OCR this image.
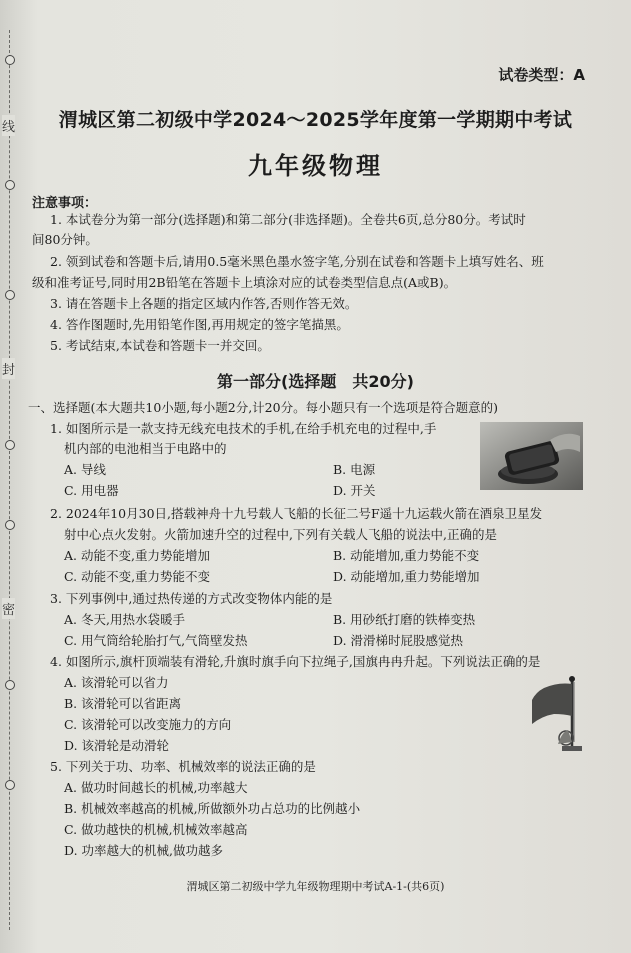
线
封
密
试卷类型：A
渭城区第二初级中学2024～2025学年度第一学期期中考试
九年级物理
注意事项：
1. 本试卷分为第一部分(选择题)和第二部分(非选择题)。全卷共6页,总分80分。考试时
间80分钟。
2. 领到试卷和答题卡后,请用0.5毫米黑色墨水签字笔,分别在试卷和答题卡上填写姓名、班
级和准考证号,同时用2B铅笔在答题卡上填涂对应的试卷类型信息点(A或B)。
3. 请在答题卡上各题的指定区域内作答,否则作答无效。
4. 答作图题时,先用铅笔作图,再用规定的签字笔描黑。
5. 考试结束,本试卷和答题卡一并交回。
第一部分(选择题　共20分)
一、选择题(本大题共10小题,每小题2分,计20分。每小题只有一个选项是符合题意的)
1. 如图所示是一款支持无线充电技术的手机,在给手机充电的过程中,手
机内部的电池相当于电路中的
A. 导线	B. 电源
C. 用电器	D. 开关
2. 2024年10月30日,搭载神舟十九号载人飞船的长征二号F遥十九运载火箭在酒泉卫星发
射中心点火发射。火箭加速升空的过程中,下列有关载人飞船的说法中,正确的是
A. 动能不变,重力势能增加	B. 动能增加,重力势能不变
C. 动能不变,重力势能不变	D. 动能增加,重力势能增加
3. 下列事例中,通过热传递的方式改变物体内能的是
A. 冬天,用热水袋暖手	B. 用砂纸打磨的铁棒变热
C. 用气筒给轮胎打气,气筒壁发热	D. 滑滑梯时屁股感觉热
4. 如图所示,旗杆顶端装有滑轮,升旗时旗手向下拉绳子,国旗冉冉升起。下列说法正确的是
A. 该滑轮可以省力
B. 该滑轮可以省距离
C. 该滑轮可以改变施力的方向
D. 该滑轮是动滑轮
5. 下列关于功、功率、机械效率的说法正确的是
A. 做功时间越长的机械,功率越大
B. 机械效率越高的机械,所做额外功占总功的比例越小
C. 做功越快的机械,机械效率越高
D. 功率越大的机械,做功越多
渭城区第二初级中学九年级物理期中考试A-1-(共6页)
